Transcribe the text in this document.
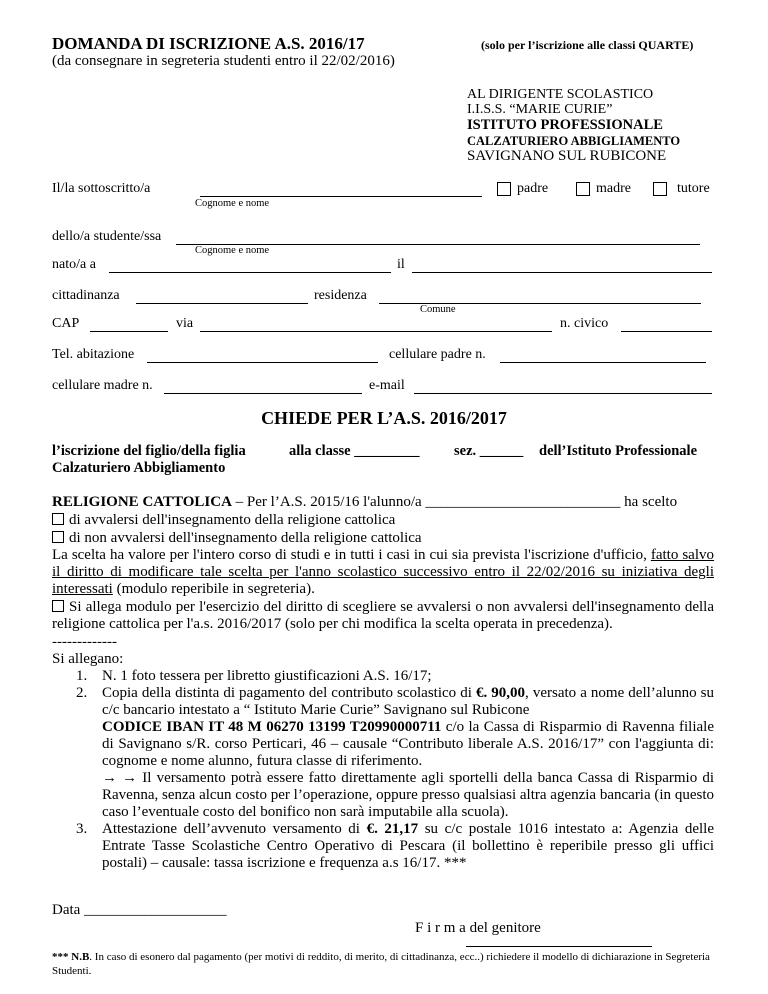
DOMANDA DI ISCRIZIONE A.S. 2016/17	(solo per l’iscrizione alle classi QUARTE)
(da consegnare in segreteria studenti entro il 22/02/2016)
AL DIRIGENTE SCOLASTICO
I.I.S.S. “MARIE CURIE”
ISTITUTO PROFESSIONALE
CALZATURIERO ABBIGLIAMENTO
SAVIGNANO SUL RUBICONE
Il/la sottoscritto/a
Cognome e nome
padre	madre	tutore
dello/a studente/ssa
Cognome e nome
nato/a a	il
cittadinanza	residenza
Comune
CAP	via	n. civico
Tel. abitazione	cellulare padre n.
cellulare madre n.	e-mail
CHIEDE PER L’A.S. 2016/2017
l’iscrizione del figlio/della figlia	alla classe _________ sez. ______ dell’Istituto Professionale
Calzaturiero Abbigliamento
RELIGIONE CATTOLICA – Per l’A.S. 2015/16 l'alunno/a __________________________ ha scelto
di avvalersi dell'insegnamento della religione cattolica
di non avvalersi dell'insegnamento della religione cattolica
La scelta ha valore per l'intero corso di studi e in tutti i casi in cui sia prevista l'iscrizione d'ufficio, fatto salvo il diritto di modificare tale scelta per l'anno scolastico successivo entro il 22/02/2016 su iniziativa degli interessati (modulo reperibile in segreteria).
Si allega modulo per l'esercizio del diritto di scegliere se avvalersi o non avvalersi dell'insegnamento della religione cattolica per l'a.s. 2016/2017 (solo per chi modifica la scelta operata in precedenza).
-------------
Si allegano:
1. N. 1 foto tessera per libretto giustificazioni A.S. 16/17;
2. Copia della distinta di pagamento del contributo scolastico di €. 90,00, versato a nome dell’alunno su c/c bancario intestato a “ Istituto Marie Curie” Savignano sul Rubicone
CODICE IBAN IT 48 M 06270 13199 T20990000711 c/o la Cassa di Risparmio di Ravenna filiale di Savignano s/R. corso Perticari, 46 – causale “Contributo liberale A.S. 2016/17” con l'aggiunta di: cognome e nome alunno, futura classe di riferimento.
→ → Il versamento potrà essere fatto direttamente agli sportelli della banca Cassa di Risparmio di Ravenna, senza alcun costo per l’operazione, oppure presso qualsiasi altra agenzia bancaria (in questo caso l’eventuale costo del bonifico non sarà imputabile alla scuola).
3. Attestazione dell’avvenuto versamento di €. 21,17 su c/c postale 1016 intestato a: Agenzia delle Entrate Tasse Scolastiche Centro Operativo di Pescara (il bollettino è reperibile presso gli uffici postali) – causale: tassa iscrizione e frequenza a.s 16/17. ***
Data ___________________
F i r m a del genitore
*** N.B. In caso di esonero dal pagamento (per motivi di reddito, di merito, di cittadinanza, ecc..) richiedere il modello di dichiarazione in Segreteria Studenti.
